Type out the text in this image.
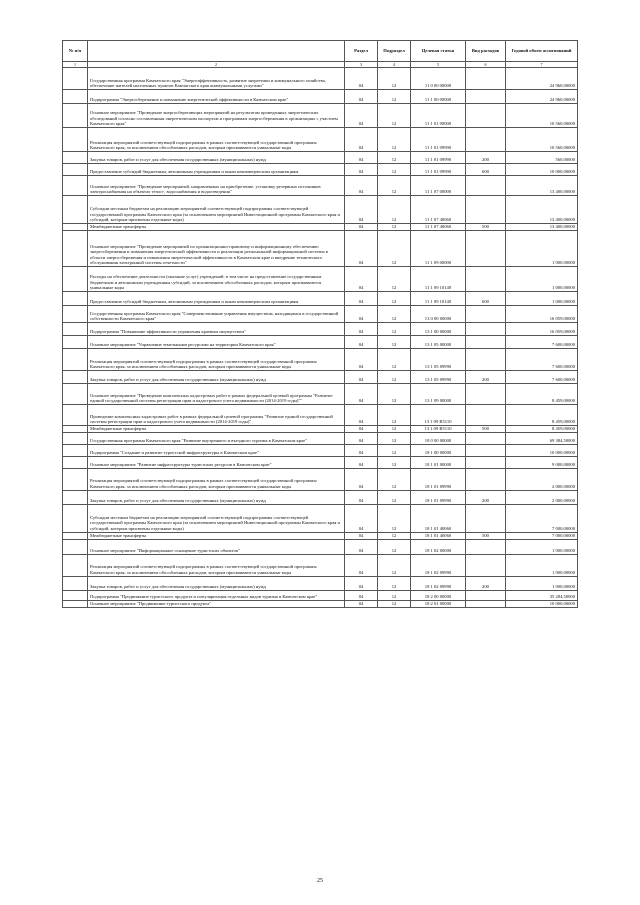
№ п/п		Раздел	Подраздел	Целевая статья	Вид расходов	Годовой объем ассигнований
1	2	3	4	5	6	7
	Государственная программа Камчатского края "Энергоэффективность, развитие энергетики и коммунального хозяйства, обеспечение жителей населенных пунктов Камчатского края коммунальными услугами"	04	12	11 0 00 00000		24 960,00000
	Подпрограмма "Энергосбережение и повышение энергетической эффективности в Камчатском крае"	04	12	11 1 00 00000		24 960,00000
	Основное мероприятие "Проведение энергосберегающих мероприятий на результатам проведенных энергетических обследований согласно составленным энергетическим паспортам и программам энергосбережения в организациях с участием Камчатского края"	04	12	11 1 01 00000		10 560,00000
	Реализация мероприятий соответствующей подпрограммы в рамках соответствующей государственной программы Камчатского края, за исключением обособленных расходов, которым присваиваются уникальные коды	04	12	11 1 01 09990		10 560,00000
	Закупка товаров, работ и услуг для обеспечения государственных (муниципальных) нужд	04	12	11 1 01 09990	200	560,00000
	Предоставление субсидий бюджетным, автономным учреждениям и иным некоммерческим организациям	04	12	11 1 01 09990	600	10 000,00000
	Основное мероприятие "Проведение мероприятий, направленных на приобретение, установку резервных источников электроснабжения на объектах тепло-, водоснабжения и водоотведения"	04	12	11 1 07 00000		13 400,00000
	Субсидии местным бюджетам на реализацию мероприятий соответствующей подпрограммы соответствующей государственной программы Камчатского края (за исключением мероприятий Инвестиционной программы Камчатского края и субсидий, которым присвоены отдельные коды)	04	12	11 1 07 40060		13 400,00000
	Межбюджетные трансферты	04	12	11 1 07 40060	500	13 400,00000
	Основное мероприятие "Проведение мероприятий по организационно-правовому и информационному обеспечению энергосбережения и повышения энергетической эффективности и реализации региональной информационной системы в области энергосбережения и повышения энергетической эффективности в Камчатском крае и внедрение технического обслуживания электронной системы отчетности"	04	12	11 1 09 00000		1 000,00000
	Расходы на обеспечение деятельности (оказание услуг) учреждений, в том числе на предоставление государственным бюджетным и автономным учреждениям субсидий, за исключением обособленных расходов, которым присваиваются уникальные коды	04	12	11 1 09 10140		1 000,00000
	Предоставление субсидий бюджетным, автономным учреждениям и иным некоммерческим организациям	04	12	11 1 09 10140	600	1 000,00000
	Государственная программа Камчатского края "Совершенствование управления имуществом, находящимся в государственной собственности Камчатского края"	04	12	13 0 00 00000		16 059,00000
	Подпрограмма "Повышение эффективности управления краевым имуществом"	04	12	13 1 00 00000		16 059,00000
	Основное мероприятие "Управление земельными ресурсами на территории Камчатского края"	04	12	13 1 05 00000		7 600,00000
	Реализация мероприятий соответствующей подпрограммы в рамках соответствующей государственной программы Камчатского края, за исключением обособленных расходов, которым присваиваются уникальные коды	04	12	13 1 05 09990		7 600,00000
	Закупка товаров, работ и услуг для обеспечения государственных (муниципальных) нужд	04	12	13 1 05 09990	200	7 600,00000
	Основное мероприятие "Проведение комплексных кадастровых работ в рамках федеральной целевой программы "Развитие единой государственной системы регистрации прав и кадастрового учета недвижимости (2014-2019 годы)""	04	12	13 1 09 00000		8 459,00000
	Проведение комплексных кадастровых работ в рамках федеральной целевой программы "Развитие единой государственной системы регистрации прав и кадастрового учета недвижимости (2014-2019 годы)"	04	12	13 1 09 R5110		8 459,00000
	Межбюджетные трансферты	04	12	13 1 09 R5110	500	8 459,00000
	Государственная программа Камчатского края "Развитие внутреннего и въездного туризма в Камчатском крае"	04	12	18 0 00 00000		69 384,50000
	Подпрограмма "Создание и развитие туристской инфраструктуры в Камчатском крае"	04	12	18 1 00 00000		10 000,00000
	Основное мероприятие "Развитие инфраструктуры туристских ресурсов в Камчатском крае"	04	12	18 1 01 00000		9 000,00000
	Реализация мероприятий соответствующей подпрограммы в рамках соответствующей государственной программы Камчатского края, за исключением обособленных расходов, которым присваиваются уникальные коды	04	12	18 1 01 09990		2 000,00000
	Закупка товаров, работ и услуг для обеспечения государственных (муниципальных) нужд	04	12	18 1 01 09990	200	2 000,00000
	Субсидии местным бюджетам на реализацию мероприятий соответствующей подпрограммы соответствующей государственной программы Камчатского края (за исключением мероприятий Инвестиционной программы Камчатского края и субсидий, которым присвоены отдельные коды)	04	12	18 1 01 40060		7 000,00000
	Межбюджетные трансферты	04	12	18 1 01 40060	500	7 000,00000
	Основное мероприятие "Информационное оснащение туристских объектов"	04	12	18 1 02 00000		1 000,00000
	Реализация мероприятий соответствующей подпрограммы в рамках соответствующей государственной программы Камчатского края, за исключением обособленных расходов, которым присваиваются уникальные коды	04	12	18 1 02 09990		1 000,00000
	Закупка товаров, работ и услуг для обеспечения государственных (муниципальных) нужд	04	12	18 1 02 09990	200	1 000,00000
	Подпрограмма "Продвижение туристского продукта и популяризация отдельных видов туризма в Камчатском крае"	04	12	18 2 00 00000		35 284,50000
	Основное мероприятие "Продвижение туристского продукта"	04	12	18 2 01 00000		10 000,00000
25
